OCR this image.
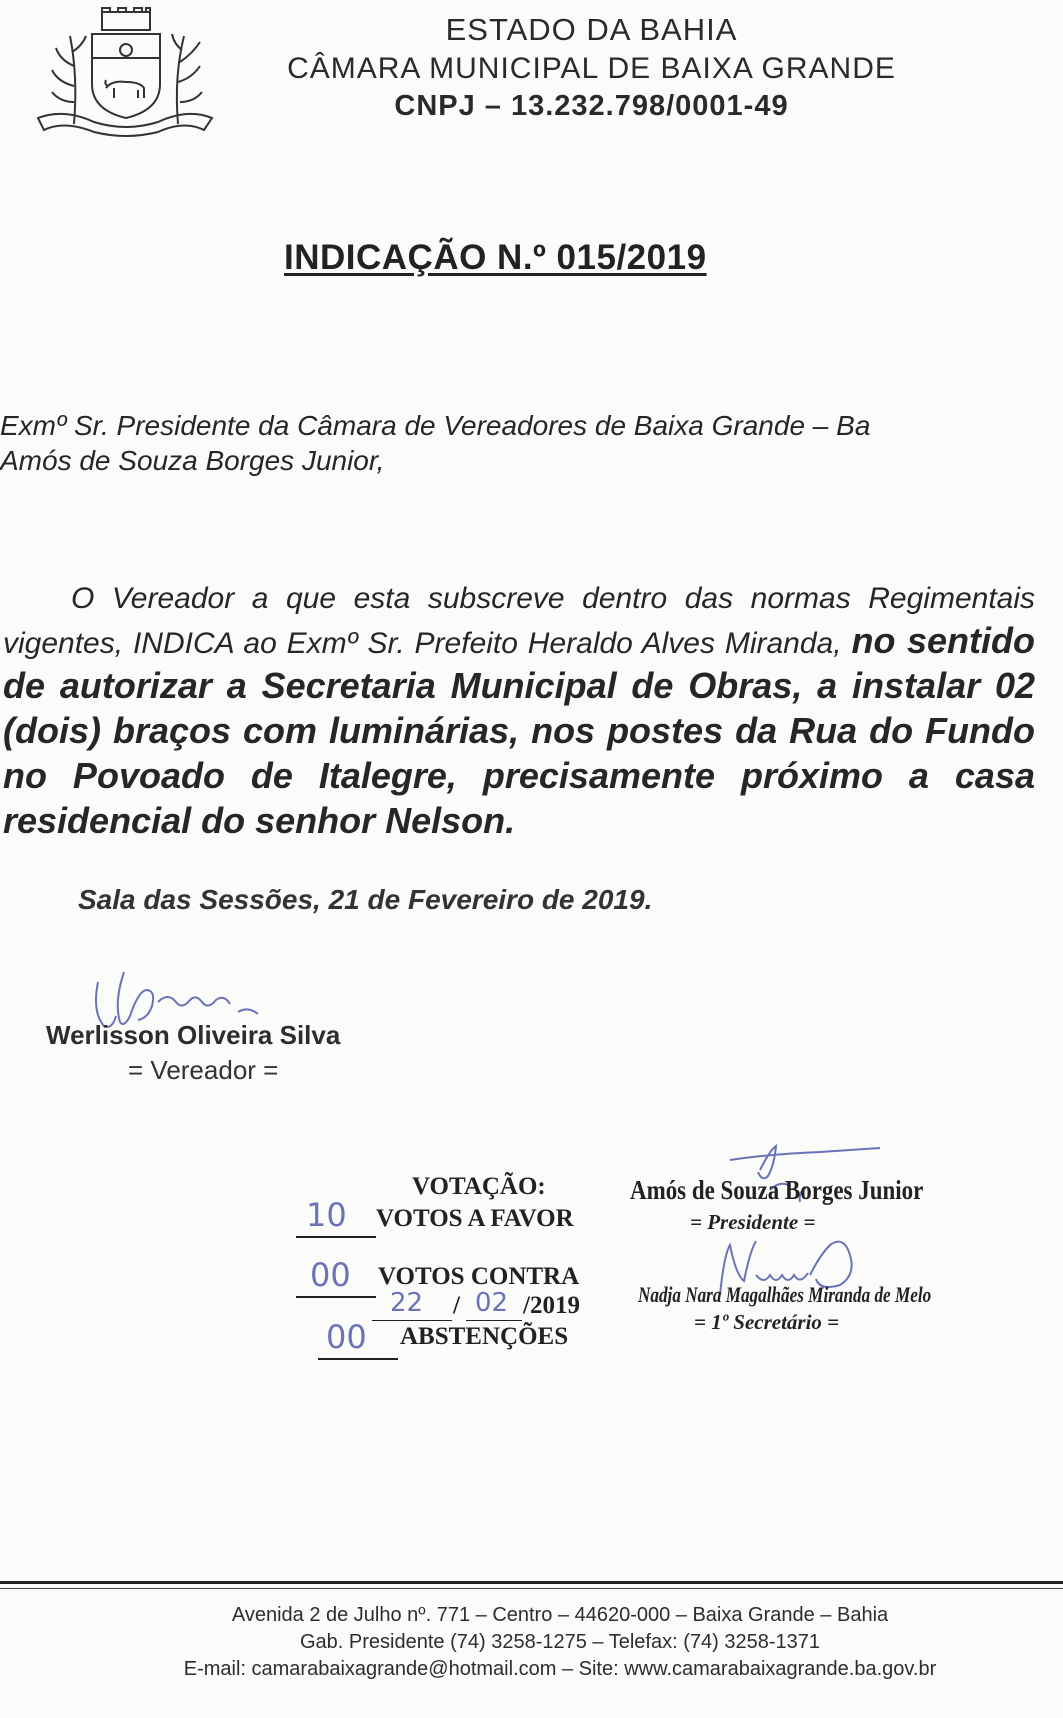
ESTADO DA BAHIA
CÂMARA MUNICIPAL DE BAIXA GRANDE
CNPJ – 13.232.798/0001-49
INDICAÇÃO N.º 015/2019
Exmº Sr. Presidente da Câmara de Vereadores de Baixa Grande – Ba
Amós de Souza Borges Junior,
O Vereador a que esta subscreve dentro das normas Regimentais vigentes, INDICA ao Exmº Sr. Prefeito Heraldo Alves Miranda, no sentido de autorizar a Secretaria Municipal de Obras, a instalar 02 (dois) braços com luminárias, nos postes da Rua do Fundo no Povoado de Italegre, precisamente próximo a casa residencial do senhor Nelson.
Sala das Sessões, 21 de Fevereiro de 2019.
Werlisson Oliveira Silva
= Vereador =
VOTAÇÃO:
10 VOTOS A FAVOR
00 VOTOS CONTRA
22 / 02 /2019
00 ABSTENÇÕES
Amós de Souza Borges Junior
= Presidente =
Nadja Nara Magalhães Miranda de Melo
= 1º Secretário =
Avenida 2 de Julho nº. 771 – Centro – 44620-000 – Baixa Grande – Bahia
Gab. Presidente (74) 3258-1275 – Telefax: (74) 3258-1371
E-mail: camarabaixagrande@hotmail.com – Site: www.camarabaixagrande.ba.gov.br
